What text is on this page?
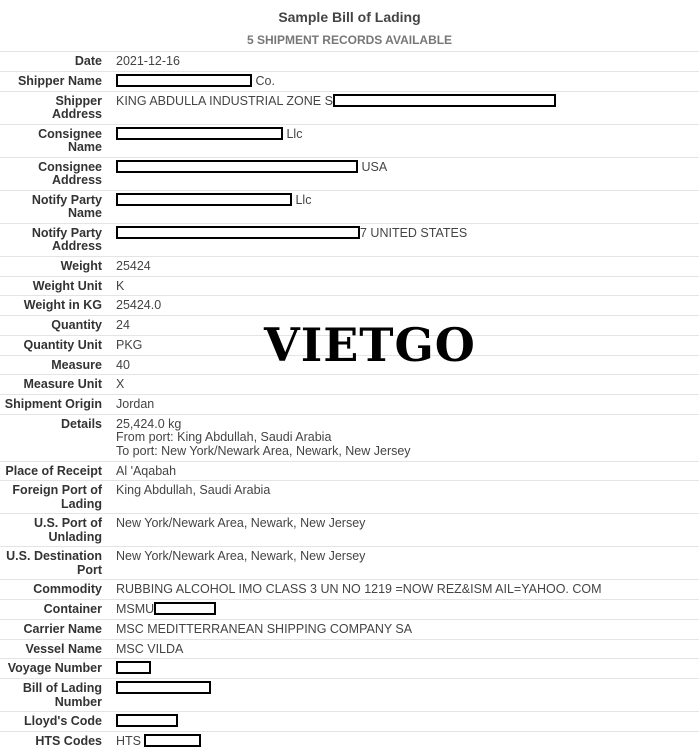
Sample Bill of Lading
5 SHIPMENT RECORDS AVAILABLE
Date	2021-12-16
Shipper Name	Co.
Shipper Address	KING ABDULLA INDUSTRIAL ZONE S
Consignee Name	Llc
Consignee Address	USA
Notify Party Name	Llc
Notify Party Address	7 UNITED STATES
Weight	25424
Weight Unit	K
Weight in KG	25424.0
Quantity	24
Quantity Unit	PKG
Measure	40
Measure Unit	X
Shipment Origin	Jordan
Details	25,424.0 kg
From port: King Abdullah, Saudi Arabia
To port: New York/Newark Area, Newark, New Jersey

Place of Receipt	Al 'Aqabah
Foreign Port of Lading	King Abdullah, Saudi Arabia
U.S. Port of Unlading	New York/Newark Area, Newark, New Jersey
U.S. Destination Port	New York/Newark Area, Newark, New Jersey
Commodity	RUBBING ALCOHOL IMO CLASS 3 UN NO 1219 =NOW REZ&ISM AIL=YAHOO. COM
Container	MSMU
Carrier Name	MSC MEDITTERRANEAN SHIPPING COMPANY SA
Vessel Name	MSC VILDA
Voyage Number	
Bill of Lading Number	
Lloyd's Code	
HTS Codes	HTS
VIETGO
